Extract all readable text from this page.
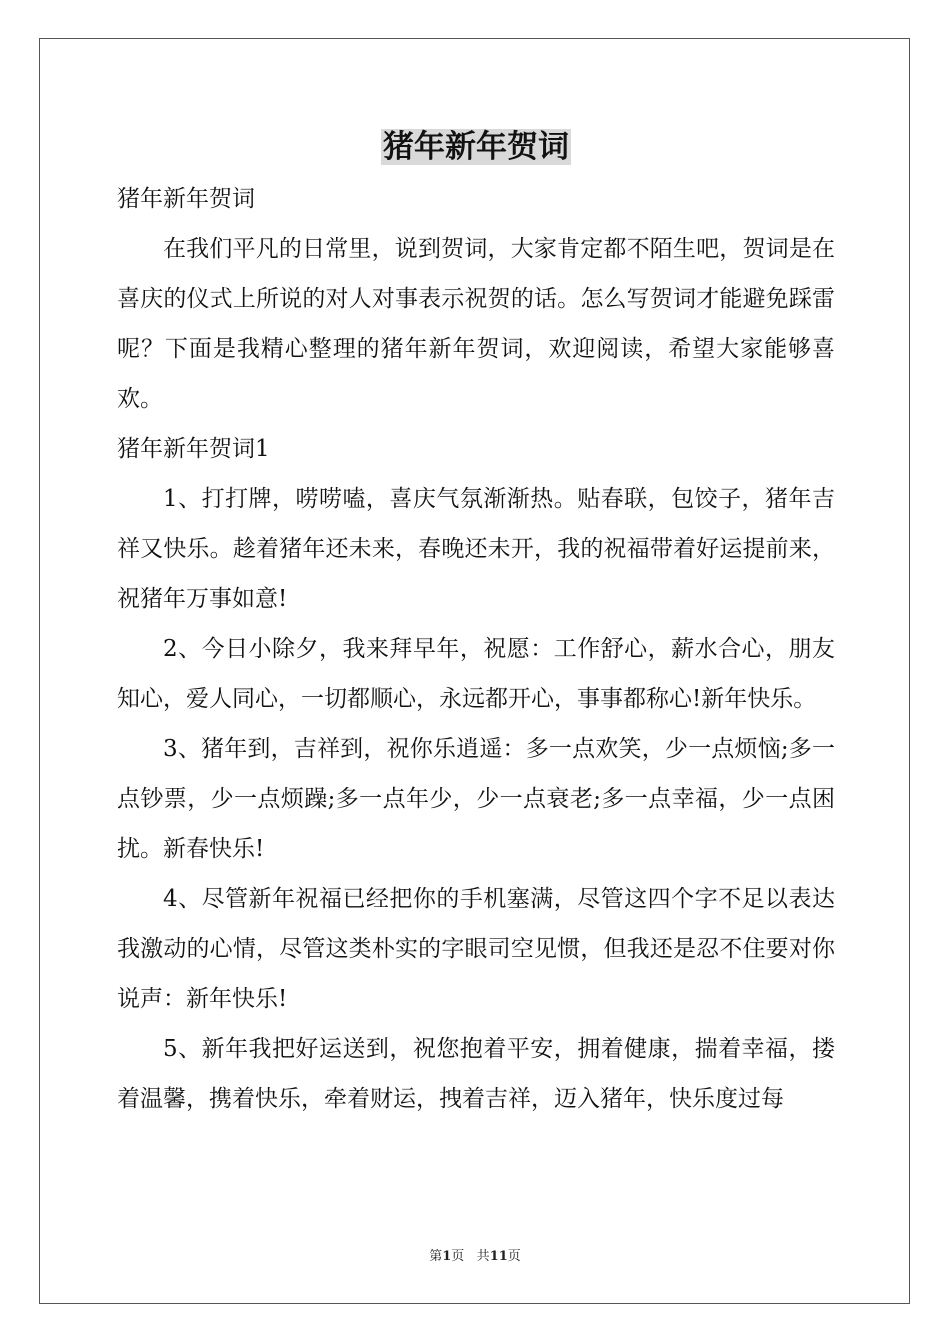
猪年新年贺词

猪年新年贺词

在我们平凡的日常里，说到贺词，大家肯定都不陌生吧，贺词是在喜庆的仪式上所说的对人对事表示祝贺的话。怎么写贺词才能避免踩雷呢？下面是我精心整理的猪年新年贺词，欢迎阅读，希望大家能够喜欢。

猪年新年贺词1

1、打打牌，唠唠嗑，喜庆气氛渐渐热。贴春联，包饺子，猪年吉祥又快乐。趁着猪年还未来，春晚还未开，我的祝福带着好运提前来，祝猪年万事如意!

2、今日小除夕，我来拜早年，祝愿：工作舒心，薪水合心，朋友知心，爱人同心，一切都顺心，永远都开心，事事都称心!新年快乐。

3、猪年到，吉祥到，祝你乐逍遥：多一点欢笑，少一点烦恼;多一点钞票，少一点烦躁;多一点年少，少一点衰老;多一点幸福，少一点困扰。新春快乐!

4、尽管新年祝福已经把你的手机塞满，尽管这四个字不足以表达我激动的心情，尽管这类朴实的字眼司空见惯，但我还是忍不住要对你说声：新年快乐!

5、新年我把好运送到，祝您抱着平安，拥着健康，揣着幸福，搂着温馨，携着快乐，牵着财运，拽着吉祥，迈入猪年，快乐度过每

第1页 共11页
